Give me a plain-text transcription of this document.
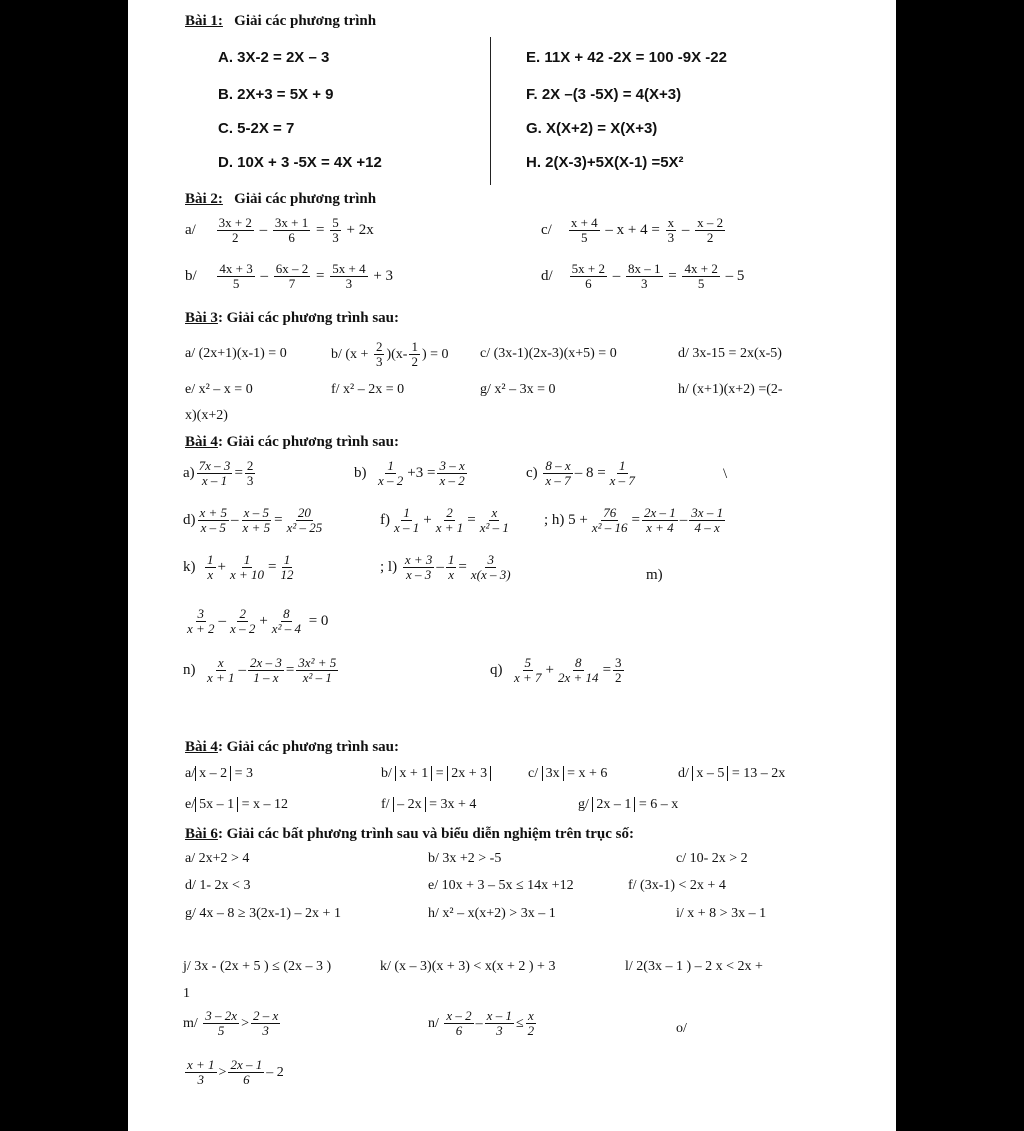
Bài 1: Giải các phương trình
A. 3X-2 = 2X – 3
B. 2X+3 = 5X + 9
C. 5-2X = 7
D. 10X + 3 -5X = 4X +12
E. 11X + 42 -2X = 100 -9X -22
F. 2X –(3 -5X) = 4(X+3)
G. X(X+2) = X(X+3)
H. 2(X-3)+5X(X-1) =5X²
Bài 2: Giải các phương trình
$a/ \frac{3x + 2}{2} - \frac{3x + 1}{6} = \frac{5}{3} + 2x$	$c/ \frac{x + 4}{5} - x + 4 = \frac{x}{3} - \frac{x - 2}{2}$
$b/ \frac{4x + 3}{5} - \frac{6x - 2}{7} = \frac{5x + 4}{3} + 3$	$d/ \frac{5x + 2}{6} - \frac{8x - 1}{3} = \frac{4x + 2}{5} - 5$
Bài 3: Giải các phương trình sau:
a/ (2x+1)(x-1) = 0	b/ $(x + \frac{2}{3} )(x- \frac{1}{2}$ ) = 0 c/ (3x-1)(2x-3)(x+5) = 0	d/ 3x-15 = 2x(x-5)
e/ x² – x = 0	f/ x² – 2x = 0	g/ x² – 3x = 0	h/ (x+1)(x+2) =(2-
x)(x+2)
Bài 4: Giải các phương trình sau:
$a) \frac{7x - 3}{x - 1} = \frac{2}{3}$	$b) \frac{1}{x - 2} +3 = \frac{3 - x}{x - 2}$	$c) \frac{8 - x}{x - 7} - 8 = \frac{1}{x - 7}$	\
$d) \frac{x + 5}{x - 5} - \frac{x - 5}{x + 5} = \frac{20}{\text{x² – 25}}$	$f) \frac{1}{x - 1} + \frac{2}{x + 1} = \frac{x}{\text{x² – 1}}$ ; h) $5 + \frac{76}{\text{x² – 16}} = \frac{2x - 1}{x + 4} - \frac{3x - 1}{4 - x}$
$k) \frac{1}{x} + \frac{1}{x + 10} = \frac{1}{12}$	; $l) \frac{x + 3}{x - 3} - \frac{1}{x} = \frac{3}{x(x - 3)}$	m)
$\frac{3}{x + 2} - \frac{2}{x - 2} + \frac{8}{\text{x² – 4}} = 0$
$n) \frac{x}{x + 1} - \frac{2x - 3}{1 - x} = \frac{\text{3x² + 5}}{\text{x² – 1}}$	$q) \frac{5}{x + 7} + \frac{8}{2x + 14} = \frac{3}{2}$
Bài 4: Giải các phương trình sau:
a/ x – 2 = 3	b/ x + 1 = 2x + 3	c/ 3x = x + 6	d/ x – 5 = 13 – 2x
e/ 5x – 1 = x – 12	f/ – 2x = 3x + 4	g/ 2x – 1 = 6 – x
Bài 6: Giải các bất phương trình sau và biểu diễn nghiệm trên trục số:
a/ 2x+2 > 4	b/ 3x +2 > -5	c/ 10- 2x > 2
d/ 1- 2x < 3	e/ 10x + 3 – 5x ≤ 14x +12	f/ (3x-1) < 2x + 4
g/ 4x – 8 ≥ 3(2x-1) – 2x + 1	h/ x² – x(x+2) > 3x – 1	i/ x + 8 > 3x – 1
j/ 3x - (2x + 5 ) ≤ (2x – 3 )	k/ (x – 3)(x + 3) < x(x + 2 ) + 3	l/ 2(3x – 1 ) – 2 x < 2x +
1
$m/ \frac{3 - 2x}{5} > \frac{2 - x}{3}$	$n/ \frac{x - 2}{6} - \frac{x - 1}{3} \le \frac{x}{2}$	o/
$\frac{x + 1}{3} > \frac{2x - 1}{6} - 2$
